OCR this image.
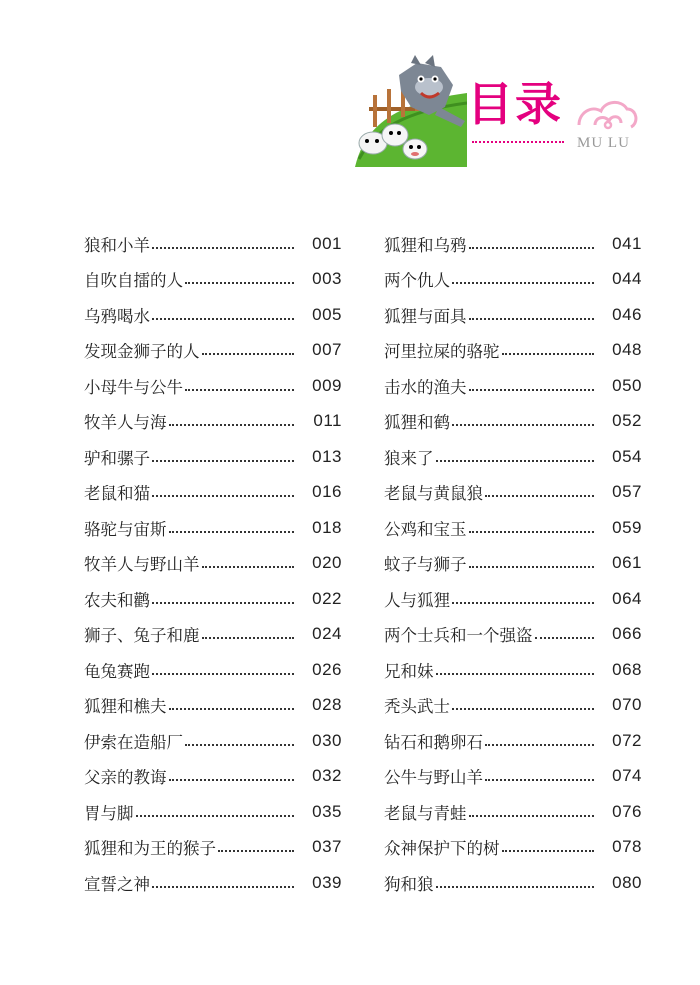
目录
MU LU
狼和小羊	001
自吹自擂的人	003
乌鸦喝水	005
发现金狮子的人	007
小母牛与公牛	009
牧羊人与海	011
驴和骡子	013
老鼠和猫	016
骆驼与宙斯	018
牧羊人与野山羊	020
农夫和鹳	022
狮子、兔子和鹿	024
龟兔赛跑	026
狐狸和樵夫	028
伊索在造船厂	030
父亲的教诲	032
胃与脚	035
狐狸和为王的猴子	037
宣誓之神	039
狐狸和乌鸦	041
两个仇人	044
狐狸与面具	046
河里拉屎的骆驼	048
击水的渔夫	050
狐狸和鹤	052
狼来了	054
老鼠与黄鼠狼	057
公鸡和宝玉	059
蚊子与狮子	061
人与狐狸	064
两个士兵和一个强盗	066
兄和妹	068
秃头武士	070
钻石和鹅卵石	072
公牛与野山羊	074
老鼠与青蛙	076
众神保护下的树	078
狗和狼	080
